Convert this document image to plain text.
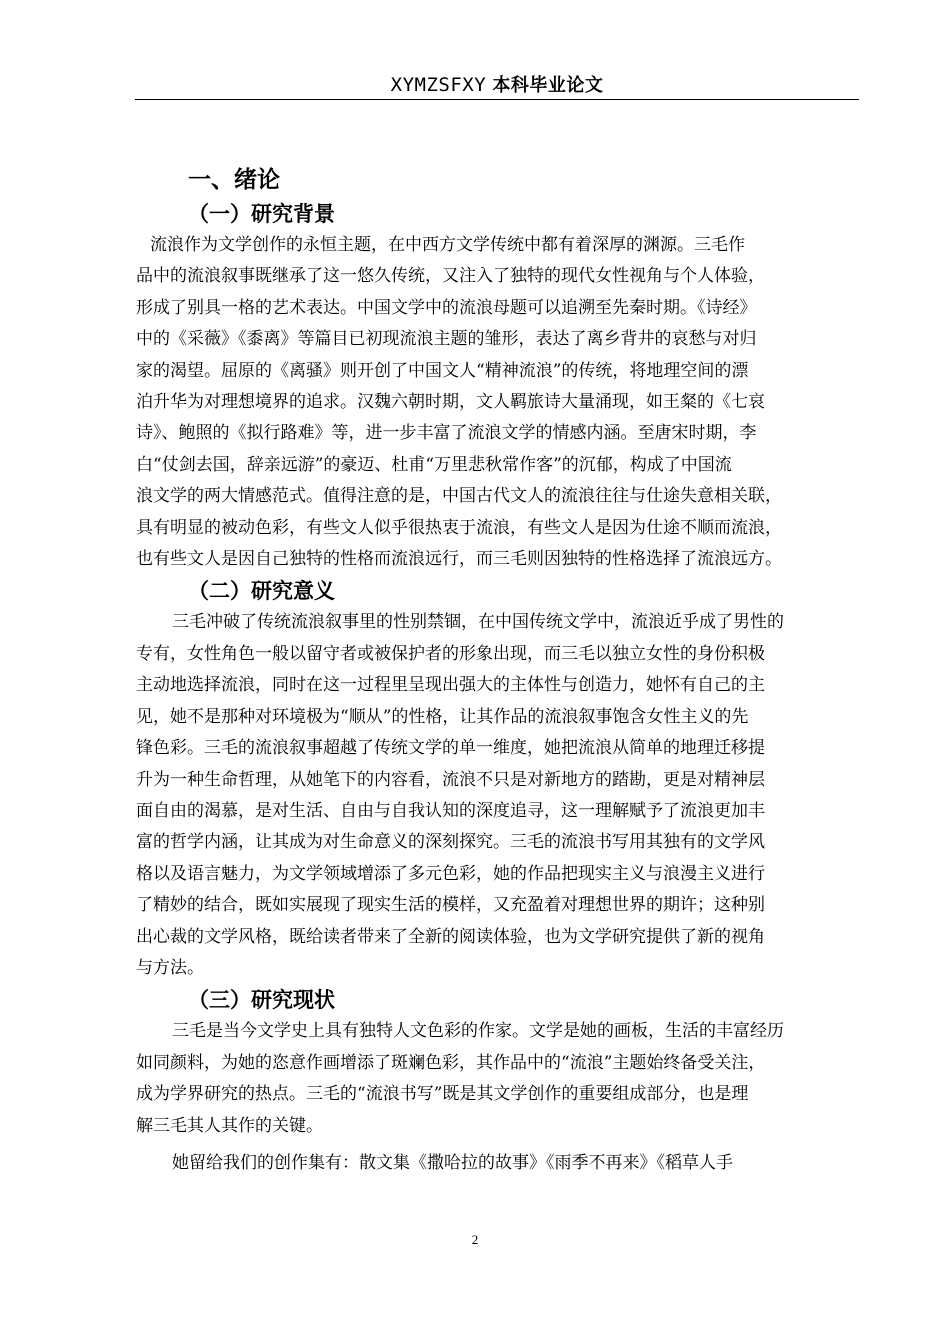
XYMZSFXY 本科毕业论文
一、绪论
（一）研究背景
流浪作为文学创作的永恒主题，在中西方文学传统中都有着深厚的渊源。三毛作
品中的流浪叙事既继承了这一悠久传统，又注入了独特的现代女性视角与个人体验，
形成了别具一格的艺术表达。中国文学中的流浪母题可以追溯至先秦时期。《诗经》
中的《采薇》《黍离》等篇目已初现流浪主题的雏形，表达了离乡背井的哀愁与对归
家的渴望。屈原的《离骚》则开创了中国文人“精神流浪”的传统，将地理空间的漂
泊升华为对理想境界的追求。汉魏六朝时期，文人羁旅诗大量涌现，如王粲的《七哀
诗》、鲍照的《拟行路难》等，进一步丰富了流浪文学的情感内涵。至唐宋时期，李
白“仗剑去国，辞亲远游”的豪迈、杜甫“万里悲秋常作客”的沉郁，构成了中国流
浪文学的两大情感范式。值得注意的是，中国古代文人的流浪往往与仕途失意相关联，
具有明显的被动色彩，有些文人似乎很热衷于流浪，有些文人是因为仕途不顺而流浪，
也有些文人是因自己独特的性格而流浪远行，而三毛则因独特的性格选择了流浪远方。
（二）研究意义
三毛冲破了传统流浪叙事里的性别禁锢，在中国传统文学中，流浪近乎成了男性的
专有，女性角色一般以留守者或被保护者的形象出现，而三毛以独立女性的身份积极
主动地选择流浪，同时在这一过程里呈现出强大的主体性与创造力，她怀有自己的主
见，她不是那种对环境极为“顺从”的性格，让其作品的流浪叙事饱含女性主义的先
锋色彩。三毛的流浪叙事超越了传统文学的单一维度，她把流浪从简单的地理迁移提
升为一种生命哲理，从她笔下的内容看，流浪不只是对新地方的踏勘，更是对精神层
面自由的渴慕，是对生活、自由与自我认知的深度追寻，这一理解赋予了流浪更加丰
富的哲学内涵，让其成为对生命意义的深刻探究。三毛的流浪书写用其独有的文学风
格以及语言魅力，为文学领域增添了多元色彩，她的作品把现实主义与浪漫主义进行
了精妙的结合，既如实展现了现实生活的模样，又充盈着对理想世界的期许；这种别
出心裁的文学风格，既给读者带来了全新的阅读体验，也为文学研究提供了新的视角
与方法。
（三）研究现状
三毛是当今文学史上具有独特人文色彩的作家。文学是她的画板，生活的丰富经历
如同颜料，为她的恣意作画增添了斑斓色彩，其作品中的“流浪”主题始终备受关注，
成为学界研究的热点。三毛的“流浪书写”既是其文学创作的重要组成部分，也是理
解三毛其人其作的关键。
她留给我们的创作集有：散文集《撒哈拉的故事》《雨季不再来》《稻草人手
2
